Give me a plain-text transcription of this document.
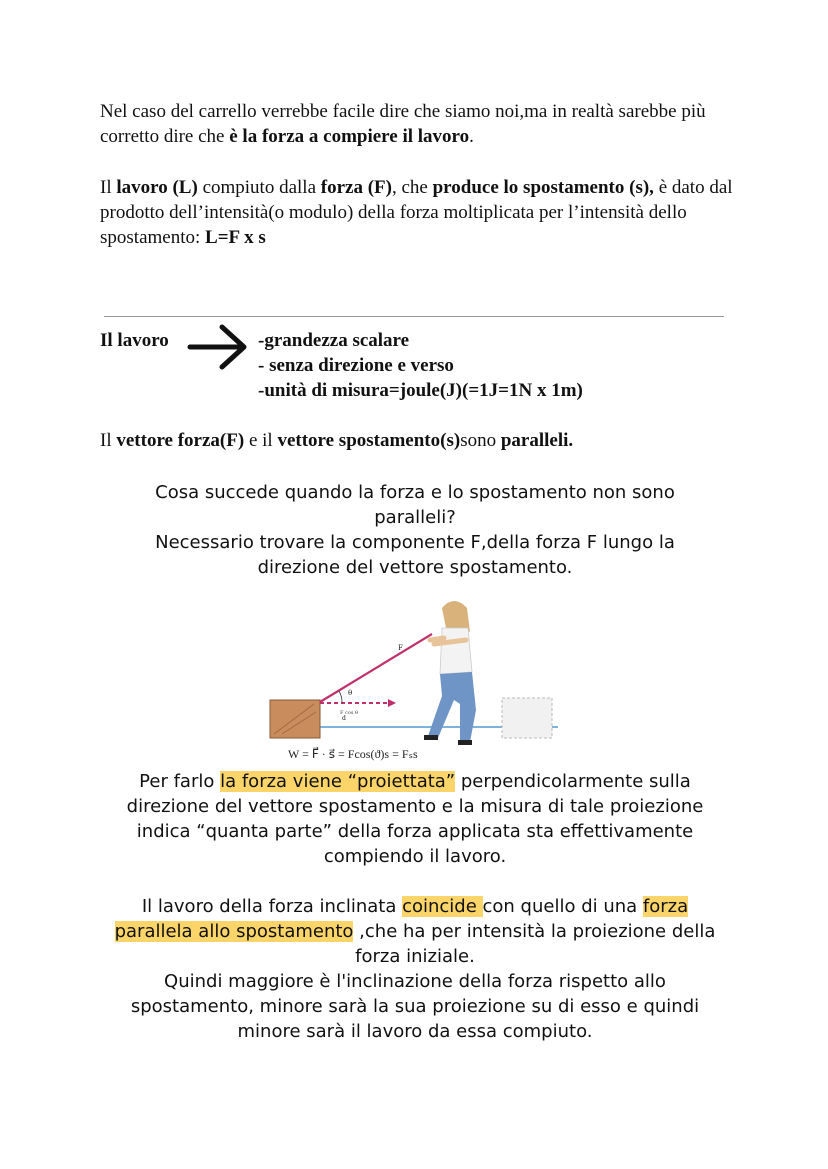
Nel caso del carrello verrebbe facile dire che siamo noi,ma in realtà sarebbe più corretto dire che è la forza a compiere il lavoro.
Il lavoro (L) compiuto dalla forza (F), che produce lo spostamento (s), è dato dal prodotto dell’intensità(o modulo) della forza moltiplicata per l’intensità dello spostamento: L=F x s
Il lavoro	-grandezza scalare
- senza direzione e verso
-unità di misura=joule(J)(=1J=1N x 1m)
Il vettore forza(F) e il vettore spostamento(s)sono paralleli.
Cosa succede quando la forza e lo spostamento non sono paralleli?
Necessario trovare la componente F,della forza F lungo la direzione del vettore spostamento.
θ
F
F cos θ
d
W = F⃗ · s⃗ = Fcos(ϑ)s = Fₛs
Per farlo la forza viene “proiettata” perpendicolarmente sulla direzione del vettore spostamento e la misura di tale proiezione indica “quanta parte” della forza applicata sta effettivamente compiendo il lavoro.
Il lavoro della forza inclinata coincide con quello di una forza parallela allo spostamento ,che ha per intensità la proiezione della forza iniziale.
Quindi maggiore è l'inclinazione della forza rispetto allo spostamento, minore sarà la sua proiezione su di esso e quindi minore sarà il lavoro da essa compiuto.
